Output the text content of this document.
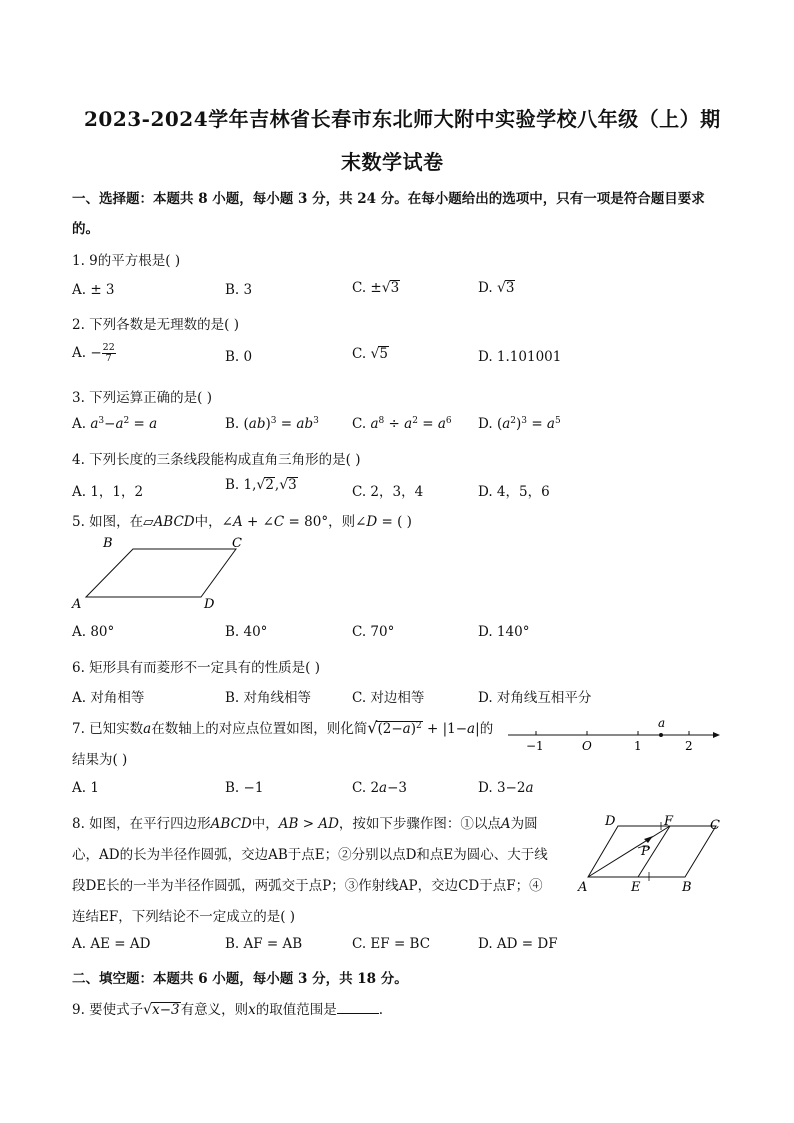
2023-2024学年吉林省长春市东北师大附中实验学校八年级（上）期
末数学试卷
一、选择题：本题共 8 小题，每小题 3 分，共 24 分。在每小题给出的选项中，只有一项是符合题目要求
的。
1. 9的平方根是( )
A. ± 3	B. 3	C. ±√3	D. √3
2. 下列各数是无理数的是( )
A. − $\frac{22}{7}$	B. 0	C. √5	D. 1.101001
3. 下列运算正确的是( )
A. $a^3-a^2 = a$	B. $(ab)^3 = ab^3$ C. $a^8 \div a^2 = a^6$ D. $(a^2)^3 = a^5$
4. 下列长度的三条线段能构成直角三角形的是( )
A. 1，1，2	B. 1,√2,√3	C. 2，3，4	D. 4，5，6
5. 如图，在▱ABCD中，∠A + ∠C = 80°，则∠D = ( )
B	C
A	D
A. 80°	B. 40°	C. 70°	D. 140°
6. 矩形具有而菱形不一定具有的性质是( )
A. 对角相等	B. 对角线相等	C. 对边相等	D. 对角线互相平分
7. 已知实数a在数轴上的对应点位置如图，则化简$√(2-a)^2 + |1-a|$的
结果为( )
a
−1	O	1	2
A. 1	B. −1	C. 2a−3	D. 3−2a
8. 如图，在平行四边形ABCD中，AB > AD，按如下步骤作图：①以点A为圆
心，AD的长为半径作圆弧，交边AB于点E；②分别以点D和点E为圆心、大于线
段DE长的一半为半径作圆弧，两弧交于点P；③作射线AP，交边CD于点F；④
连结EF，下列结论不一定成立的是( )
D	F	C
P
A	E	B
A. AE = AD	B. AF = AB	C. EF = BC	D. AD = DF
二、填空题：本题共 6 小题，每小题 3 分，共 18 分。
9. 要使式子√x−3有意义，则x的取值范围是	.
